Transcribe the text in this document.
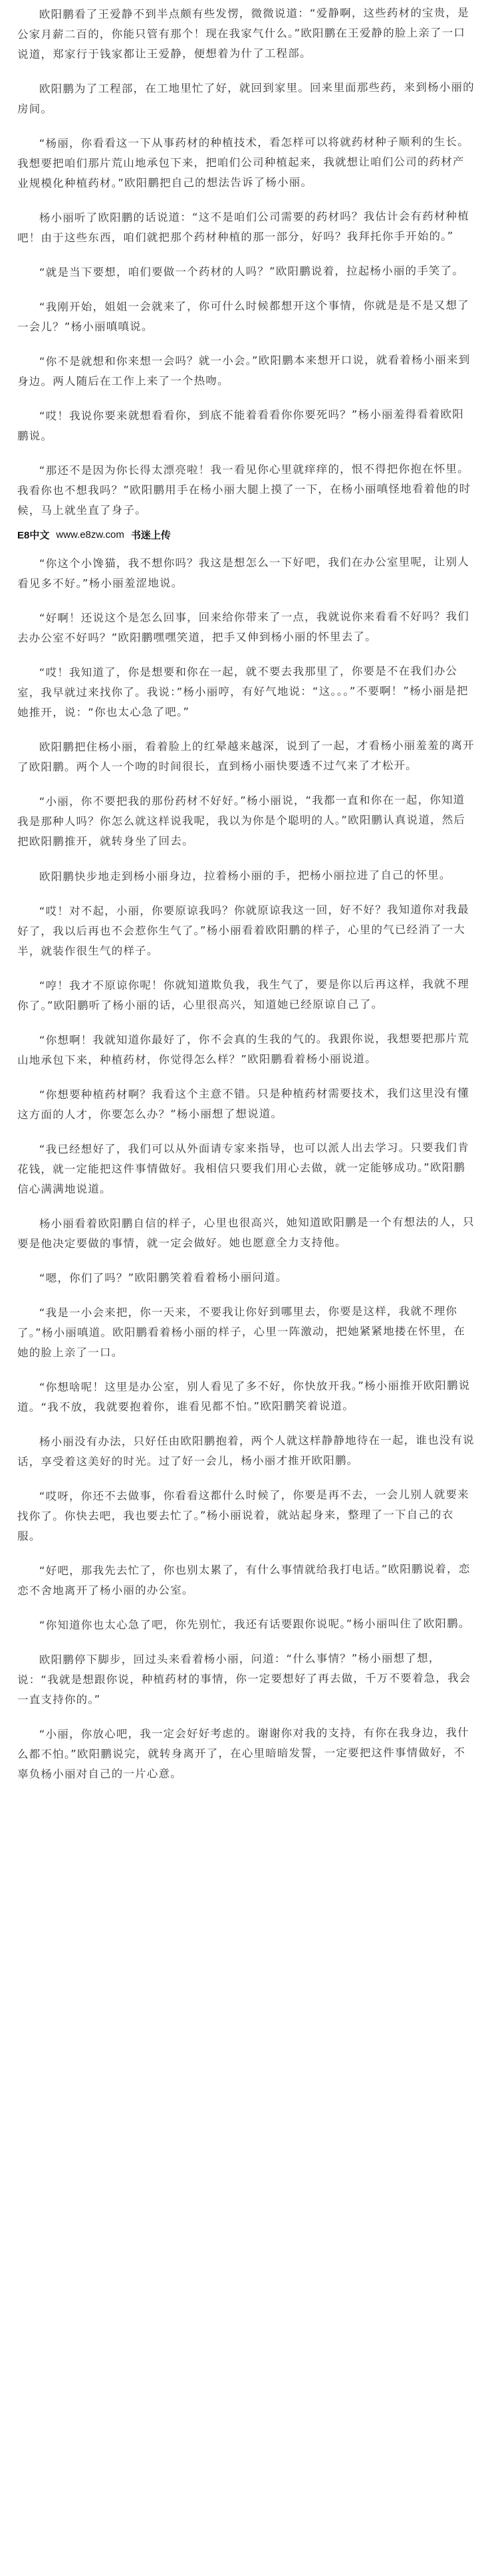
欧阳鹏看了王爱静不到半点颇有些发愣，微微说道：“爱静啊，这些药材的宝贵，是公家月薪二百的，你能只管有那个！现在我家气什么。”欧阳鹏在王爱静的脸上亲了一口说道，郑家行于钱家都让王爱静，便想着为什了工程部。

欧阳鹏为了工程部，在工地里忙了好，就回到家里。回来里面那些药，来到杨小丽的房间。

“杨丽，你看看这一下从事药材的种植技术，看怎样可以将就药材种子顺利的生长。我想要把咱们那片荒山地承包下来，把咱们公司种植起来，我就想让咱们公司的药材产业规模化种植药材。”欧阳鹏把自己的想法告诉了杨小丽。

杨小丽听了欧阳鹏的话说道：“这不是咱们公司需要的药材吗？我估计会有药材种植吧！由于这些东西，咱们就把那个药材种植的那一部分，好吗？我拜托你手开始的。”

“就是当下要想，咱们要做一个药材的人吗？”欧阳鹏说着，拉起杨小丽的手笑了。

“我刚开始，姐姐一会就来了，你可什么时候都想开这个事情，你就是是不是又想了一会儿？”杨小丽嗔嗔说。

“你不是就想和你来想一会吗？就一小会。”欧阳鹏本来想开口说，就看着杨小丽来到身边。两人随后在工作上来了一个热吻。

“哎！我说你要来就想看看你，到底不能着看看你你要死吗？”杨小丽羞得看着欧阳鹏说。

“那还不是因为你长得太漂亮啦！我一看见你心里就痒痒的，恨不得把你抱在怀里。我看你也不想我吗？”欧阳鹏用手在杨小丽大腿上摸了一下，在杨小丽嗔怪地看着他的时候，马上就坐直了身子。

E8中文 www.e8zw.com 书迷上传

“你这个小馋猫，我不想你吗？我这是想怎么一下好吧，我们在办公室里呢，让别人看见多不好。”杨小丽羞涩地说。

“好啊！还说这个是怎么回事，回来给你带来了一点，我就说你来看看不好吗？我们去办公室不好吗？”欧阳鹏嘿嘿笑道，把手又伸到杨小丽的怀里去了。

“哎！我知道了，你是想要和你在一起，就不要去我那里了，你要是不在我们办公室，我早就过来找你了。我说：”杨小丽哼，有好气地说：“这。。。”不要啊！”杨小丽是把她推开，说：“你也太心急了吧。”

欧阳鹏把住杨小丽，看着脸上的红晕越来越深，说到了一起，才看杨小丽羞羞的离开了欧阳鹏。两个人一个吻的时间很长，直到杨小丽快要透不过气来了才松开。

“小丽，你不要把我的那份药材不好好。”杨小丽说，“我都一直和你在一起，你知道我是那种人吗？你怎么就这样说我呢，我以为你是个聪明的人。”欧阳鹏认真说道，然后把欧阳鹏推开，就转身坐了回去。

欧阳鹏快步地走到杨小丽身边，拉着杨小丽的手，把杨小丽拉进了自己的怀里。

“哎！对不起，小丽，你要原谅我吗？你就原谅我这一回，好不好？我知道你对我最好了，我以后再也不会惹你生气了。”杨小丽看着欧阳鹏的样子，心里的气已经消了一大半，就装作很生气的样子。

“哼！我才不原谅你呢！你就知道欺负我，我生气了，要是你以后再这样，我就不理你了。”欧阳鹏听了杨小丽的话，心里很高兴，知道她已经原谅自己了。

“你想啊！我就知道你最好了，你不会真的生我的气的。我跟你说，我想要把那片荒山地承包下来，种植药材，你觉得怎么样？”欧阳鹏看着杨小丽说道。

“你想要种植药材啊？我看这个主意不错。只是种植药材需要技术，我们这里没有懂这方面的人才，你要怎么办？”杨小丽想了想说道。

“我已经想好了，我们可以从外面请专家来指导，也可以派人出去学习。只要我们肯花钱，就一定能把这件事情做好。我相信只要我们用心去做，就一定能够成功。”欧阳鹏信心满满地说道。

杨小丽看着欧阳鹏自信的样子，心里也很高兴，她知道欧阳鹏是一个有想法的人，只要是他决定要做的事情，就一定会做好。她也愿意全力支持他。

“嗯，你们了吗？”欧阳鹏笑着看着杨小丽问道。

“我是一小会来把，你一天来，不要我让你好到哪里去，你要是这样，我就不理你了。”杨小丽嗔道。欧阳鹏看着杨小丽的样子，心里一阵激动，把她紧紧地搂在怀里，在她的脸上亲了一口。

“你想啥呢！这里是办公室，别人看见了多不好，你快放开我。”杨小丽推开欧阳鹏说道。“我不放，我就要抱着你，谁看见都不怕。”欧阳鹏笑着说道。

杨小丽没有办法，只好任由欧阳鹏抱着，两个人就这样静静地待在一起，谁也没有说话，享受着这美好的时光。过了好一会儿，杨小丽才推开欧阳鹏。

“哎呀，你还不去做事，你看看这都什么时候了，你要是再不去，一会儿别人就要来找你了。你快去吧，我也要去忙了。”杨小丽说着，就站起身来，整理了一下自己的衣服。

“好吧，那我先去忙了，你也别太累了，有什么事情就给我打电话。”欧阳鹏说着，恋恋不舍地离开了杨小丽的办公室。

“你知道你也太心急了吧，你先别忙，我还有话要跟你说呢。”杨小丽叫住了欧阳鹏。

欧阳鹏停下脚步，回过头来看着杨小丽，问道：“什么事情？”杨小丽想了想，说：“我就是想跟你说，种植药材的事情，你一定要想好了再去做，千万不要着急，我会一直支持你的。”

“小丽，你放心吧，我一定会好好考虑的。谢谢你对我的支持，有你在我身边，我什么都不怕。”欧阳鹏说完，就转身离开了，在心里暗暗发誓，一定要把这件事情做好，不辜负杨小丽对自己的一片心意。
